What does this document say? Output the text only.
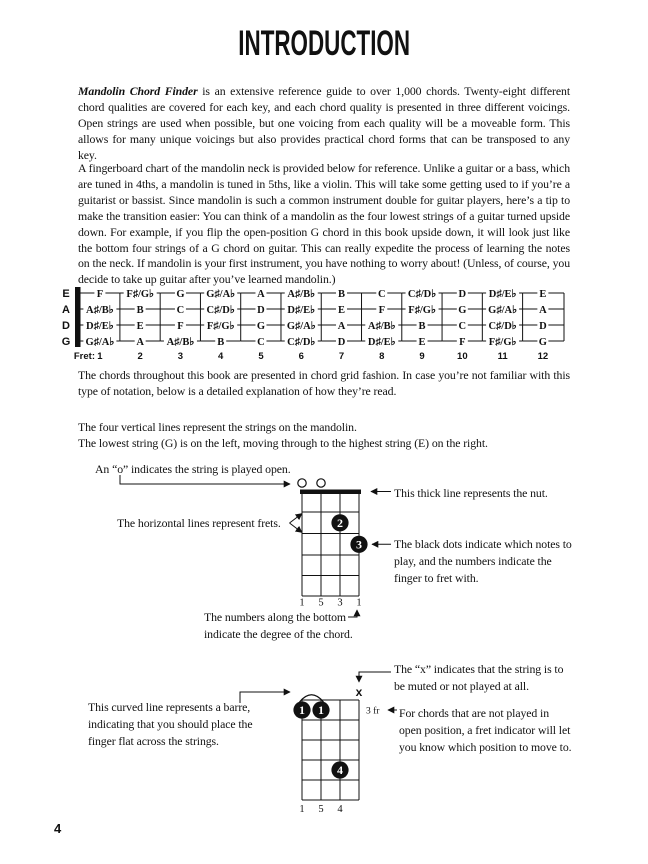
INTRODUCTION
Mandolin Chord Finder is an extensive reference guide to over 1,000 chords. Twenty-eight different chord qualities are covered for each key, and each chord quality is presented in three different voicings. Open strings are used when possible, but one voicing from each quality will be a moveable form. This allows for many unique voicings but also provides practical chord forms that can be transposed to any key.
A fingerboard chart of the mandolin neck is provided below for reference. Unlike a guitar or a bass, which are tuned in 4ths, a mandolin is tuned in 5ths, like a violin. This will take some getting used to if you’re a guitarist or bassist. Since mandolin is such a common instrument double for guitar players, here’s a tip to make the transition easier: You can think of a mandolin as the four lowest strings of a guitar turned upside down. For example, if you flip the open-position G chord in this book upside down, it will look just like the bottom four strings of a G chord on guitar. This can really expedite the process of learning the notes on the neck. If mandolin is your first instrument, you have nothing to worry about! (Unless, of course, you decide to take up guitar after you’ve learned mandolin.)
E	F F♯/G♭ G G♯/A♭ A A♯/B♭ B	C C♯/D♭ D D♯/E♭ E
A A♯/B♭ B	C C♯/D♭ D D♯/E♭ E	F F♯/G♭ G G♯/A♭ A
D D♯/E♭ E	F F♯/G♭ G G♯/A♭ A A♯/B♭ B	C C♯/D♭ D
G G♯/A♭ A A♯/B♭ B	C C♯/D♭ D D♯/E♭ E	F F♯/G♭ G
Fret: 1	2	3	4	5	6	7	8	9	10	11	12
The chords throughout this book are presented in chord grid fashion. In case you’re not familiar with this type of notation, below is a detailed explanation of how they’re read.
The four vertical lines represent the strings on the mandolin.
The lowest string (G) is on the left, moving through to the highest string (E) on the right.
2
3
1 5 3 1
An “o” indicates the string is played open.
This thick line represents the nut.
The horizontal lines represent frets.
The black dots indicate which notes to
play, and the numbers indicate the
finger to fret with.
The numbers along the bottom
indicate the degree of the chord.
x
1 1
4
3 fr
1 5 4
The “x” indicates that the string is to
be muted or not played at all.
This curved line represents a barre,
indicating that you should place the
finger flat across the strings.
For chords that are not played in
open position, a fret indicator will let
you know which position to move to.
4
